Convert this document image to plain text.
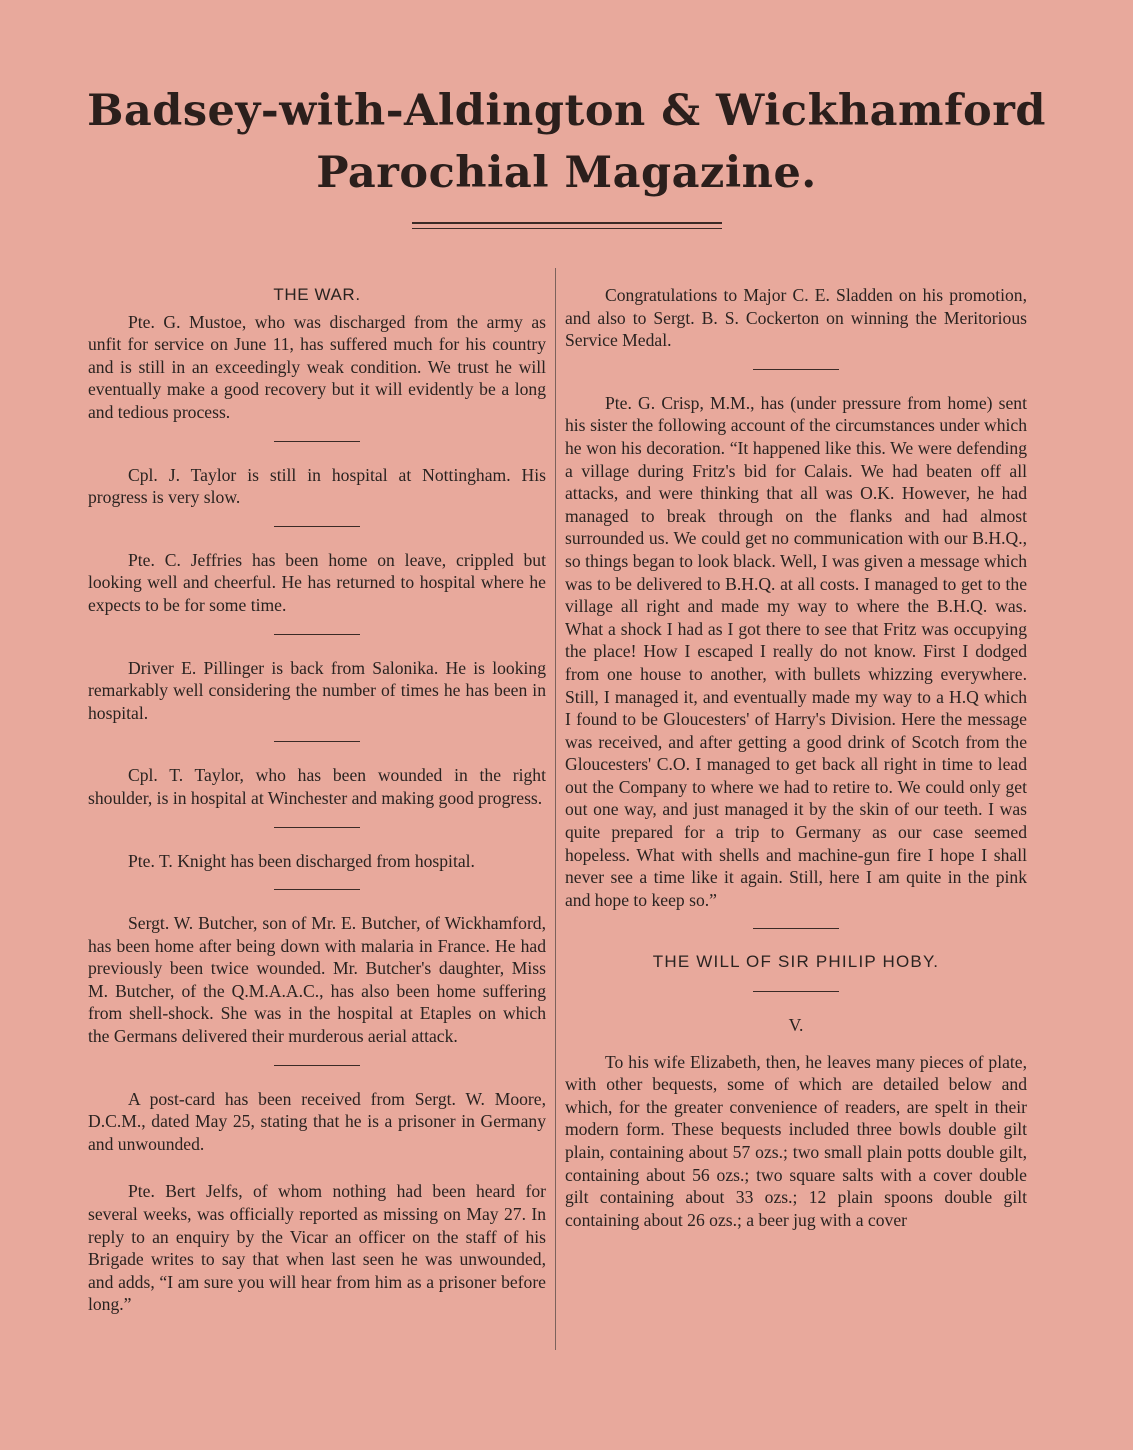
Badsey-with-Aldington & Wickhamford
Parochial Magazine.
THE WAR.

Pte. G. Mustoe, who was discharged from the army as unfit for service on June 11, has suffered much for his country and is still in an exceedingly weak condition. We trust he will eventually make a good recovery but it will evidently be a long and tedious process.

Cpl. J. Taylor is still in hospital at Nottingham. His progress is very slow.

Pte. C. Jeffries has been home on leave, crippled but looking well and cheerful. He has returned to hospital where he expects to be for some time.

Driver E. Pillinger is back from Salonika. He is looking remarkably well considering the number of times he has been in hospital.

Cpl. T. Taylor, who has been wounded in the right shoulder, is in hospital at Winchester and making good progress.

Pte. T. Knight has been discharged from hospital.

Sergt. W. Butcher, son of Mr. E. Butcher, of Wickhamford, has been home after being down with malaria in France. He had previously been twice wounded. Mr. Butcher's daughter, Miss M. Butcher, of the Q.M.A.A.C., has also been home suffering from shell-shock. She was in the hospital at Etaples on which the Germans delivered their murderous aerial attack.

A post-card has been received from Sergt. W. Moore, D.C.M., dated May 25, stating that he is a prisoner in Germany and unwounded.

Pte. Bert Jelfs, of whom nothing had been heard for several weeks, was officially reported as missing on May 27. In reply to an enquiry by the Vicar an officer on the staff of his Brigade writes to say that when last seen he was unwounded, and adds, “I am sure you will hear from him as a prisoner before long.”

Congratulations to Major C. E. Sladden on his promotion, and also to Sergt. B. S. Cockerton on winning the Meritorious Service Medal.

Pte. G. Crisp, M.M., has (under pressure from home) sent his sister the following account of the circumstances under which he won his decoration. “It happened like this. We were defending a village during Fritz's bid for Calais. We had beaten off all attacks, and were thinking that all was O.K. However, he had managed to break through on the flanks and had almost surrounded us. We could get no communication with our B.H.Q., so things began to look black. Well, I was given a message which was to be delivered to B.H.Q. at all costs. I managed to get to the village all right and made my way to where the B.H.Q. was. What a shock I had as I got there to see that Fritz was occupying the place! How I escaped I really do not know. First I dodged from one house to another, with bullets whizzing everywhere. Still, I managed it, and eventually made my way to a H.Q which I found to be Gloucesters' of Harry's Division. Here the message was received, and after getting a good drink of Scotch from the Gloucesters' C.O. I managed to get back all right in time to lead out the Company to where we had to retire to. We could only get out one way, and just managed it by the skin of our teeth. I was quite prepared for a trip to Germany as our case seemed hopeless. What with shells and machine-gun fire I hope I shall never see a time like it again. Still, here I am quite in the pink and hope to keep so.”

THE WILL OF SIR PHILIP HOBY.
V.

To his wife Elizabeth, then, he leaves many pieces of plate, with other bequests, some of which are detailed below and which, for the greater convenience of readers, are spelt in their modern form. These bequests included three bowls double gilt plain, containing about 57 ozs.; two small plain potts double gilt, containing about 56 ozs.; two square salts with a cover double gilt containing about 33 ozs.; 12 plain spoons double gilt containing about 26 ozs.; a beer jug with a cover
